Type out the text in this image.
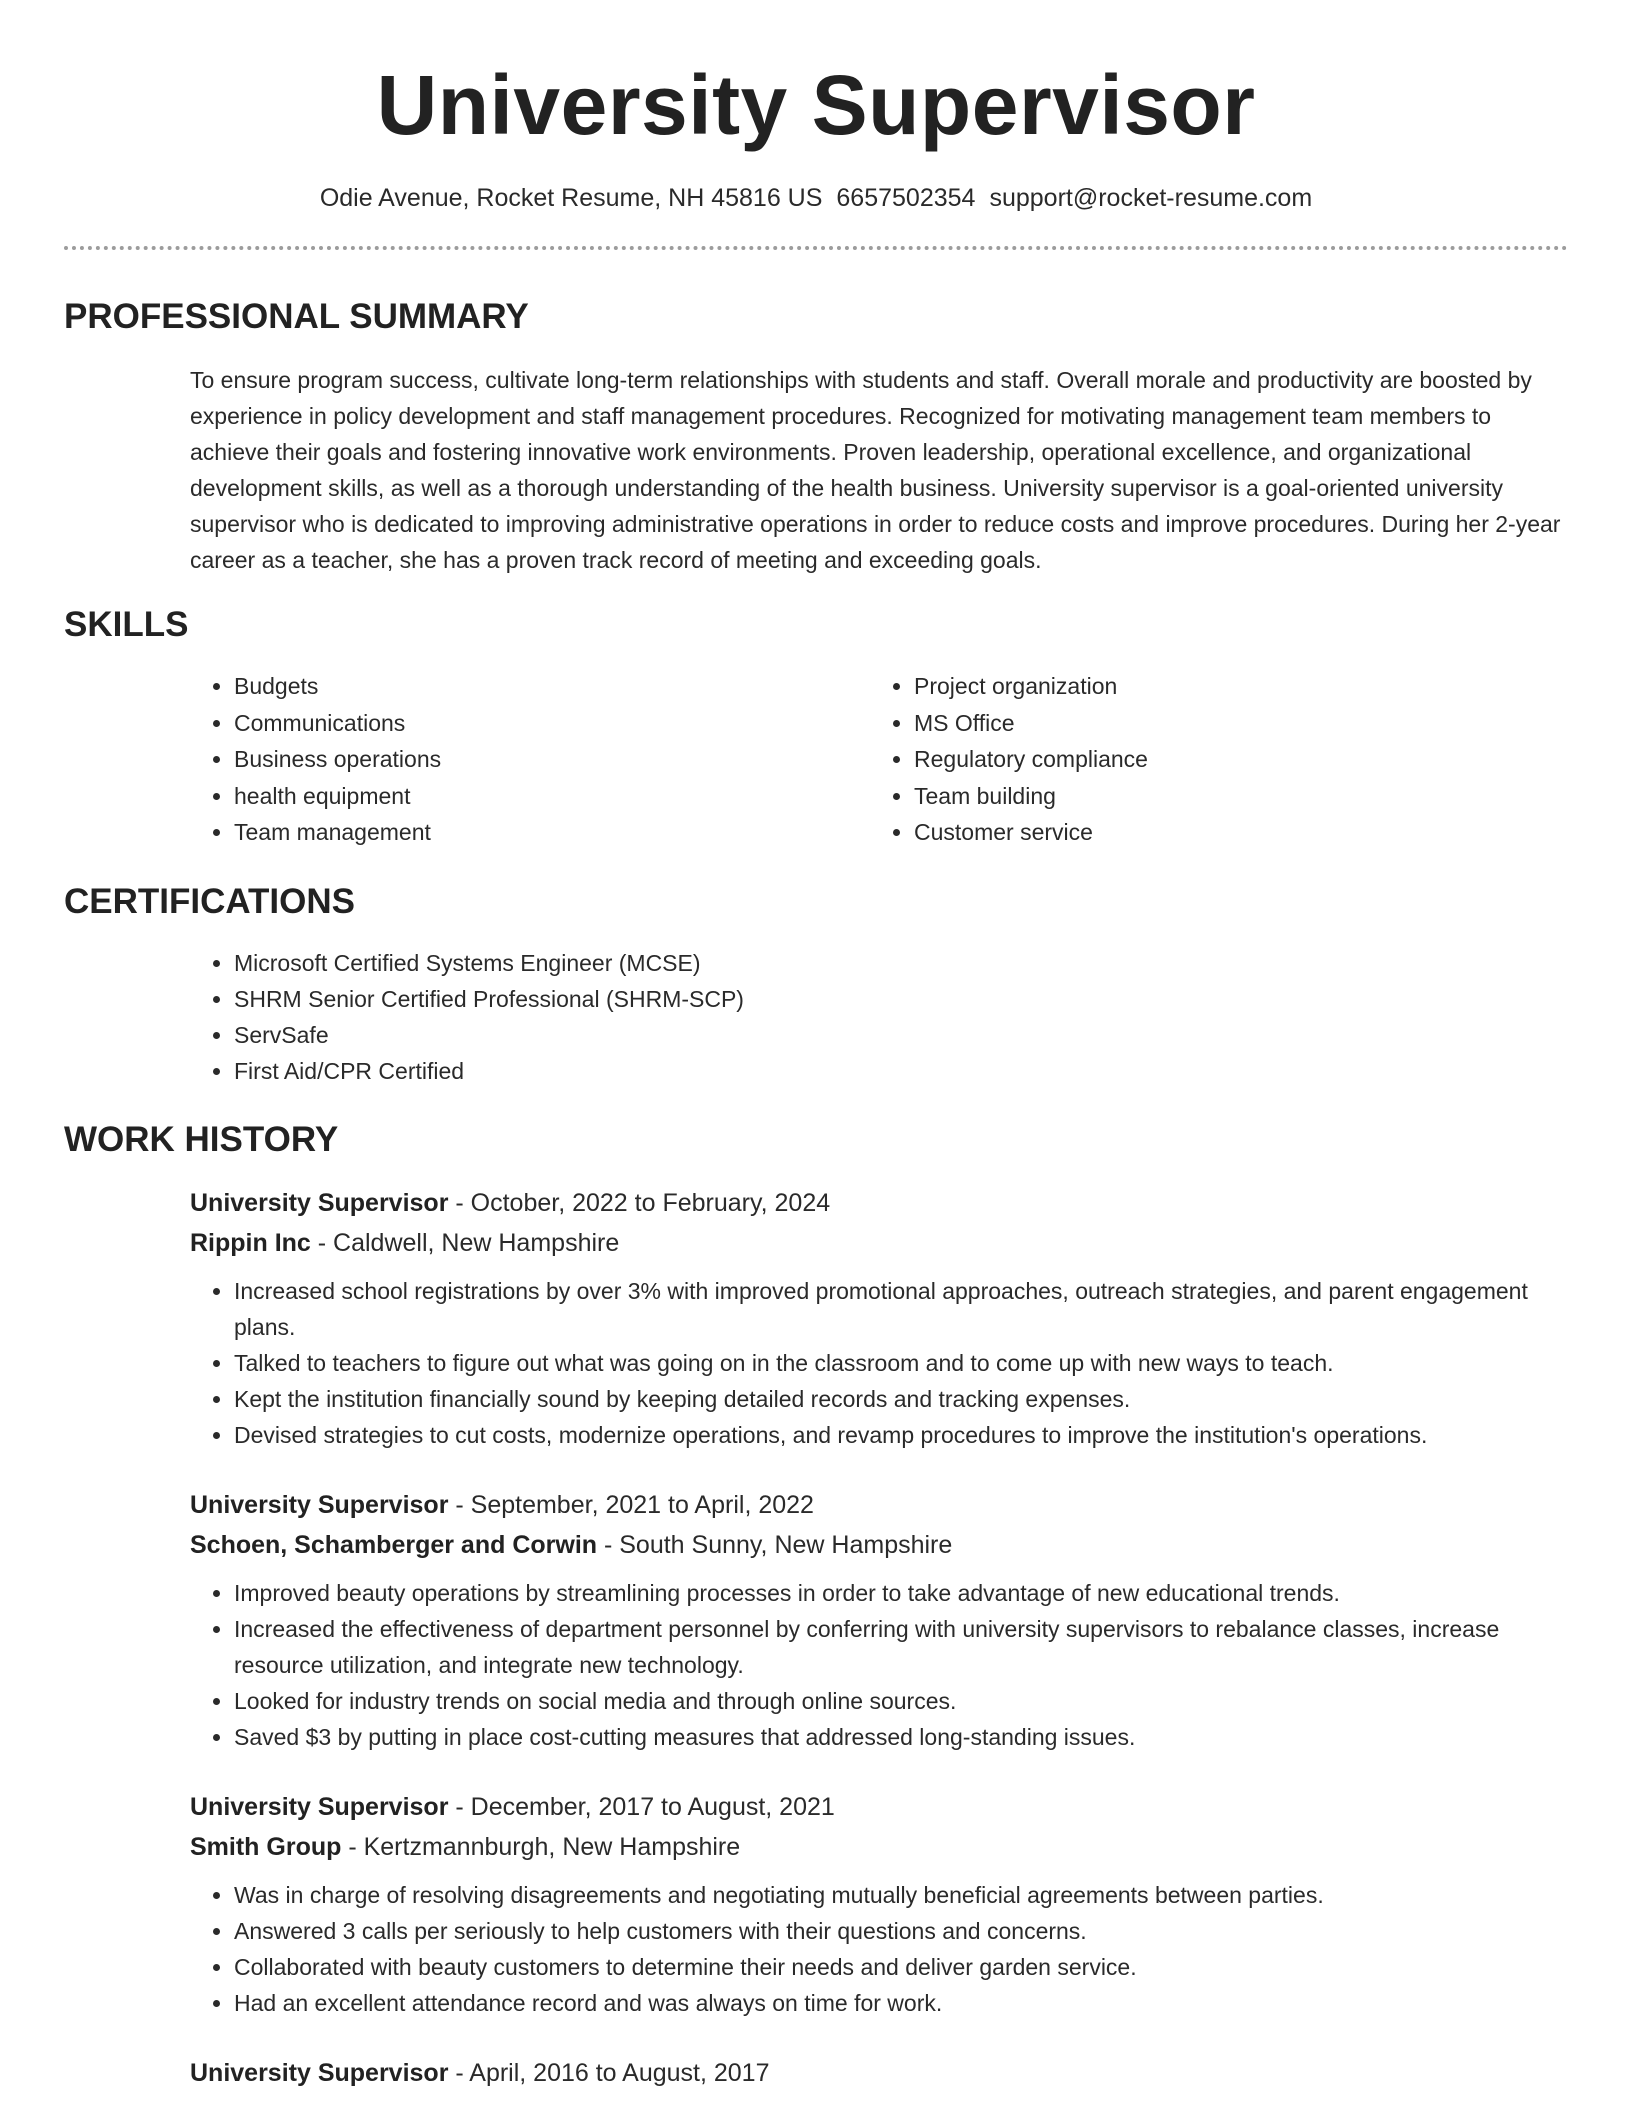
University Supervisor
Odie Avenue, Rocket Resume, NH 45816 US 6657502354 support@rocket-resume.com
PROFESSIONAL SUMMARY
To ensure program success, cultivate long-term relationships with students and staff. Overall morale and productivity are boosted by experience in policy development and staff management procedures. Recognized for motivating management team members to achieve their goals and fostering innovative work environments. Proven leadership, operational excellence, and organizational development skills, as well as a thorough understanding of the health business. University supervisor is a goal-oriented university supervisor who is dedicated to improving administrative operations in order to reduce costs and improve procedures. During her 2-year career as a teacher, she has a proven track record of meeting and exceeding goals.
SKILLS
• Budgets
• Communications
• Business operations
• health equipment
• Team management
• Project organization
• MS Office
• Regulatory compliance
• Team building
• Customer service
CERTIFICATIONS
• Microsoft Certified Systems Engineer (MCSE)
• SHRM Senior Certified Professional (SHRM-SCP)
• ServSafe
• First Aid/CPR Certified
WORK HISTORY
University Supervisor - October, 2022 to February, 2024
Rippin Inc - Caldwell, New Hampshire
• Increased school registrations by over 3% with improved promotional approaches, outreach strategies, and parent engagement plans.
• Talked to teachers to figure out what was going on in the classroom and to come up with new ways to teach.
• Kept the institution financially sound by keeping detailed records and tracking expenses.
• Devised strategies to cut costs, modernize operations, and revamp procedures to improve the institution's operations.
University Supervisor - September, 2021 to April, 2022
Schoen, Schamberger and Corwin - South Sunny, New Hampshire
• Improved beauty operations by streamlining processes in order to take advantage of new educational trends.
• Increased the effectiveness of department personnel by conferring with university supervisors to rebalance classes, increase resource utilization, and integrate new technology.
• Looked for industry trends on social media and through online sources.
• Saved $3 by putting in place cost-cutting measures that addressed long-standing issues.
University Supervisor - December, 2017 to August, 2021
Smith Group - Kertzmannburgh, New Hampshire
• Was in charge of resolving disagreements and negotiating mutually beneficial agreements between parties.
• Answered 3 calls per seriously to help customers with their questions and concerns.
• Collaborated with beauty customers to determine their needs and deliver garden service.
• Had an excellent attendance record and was always on time for work.
University Supervisor - April, 2016 to August, 2017
